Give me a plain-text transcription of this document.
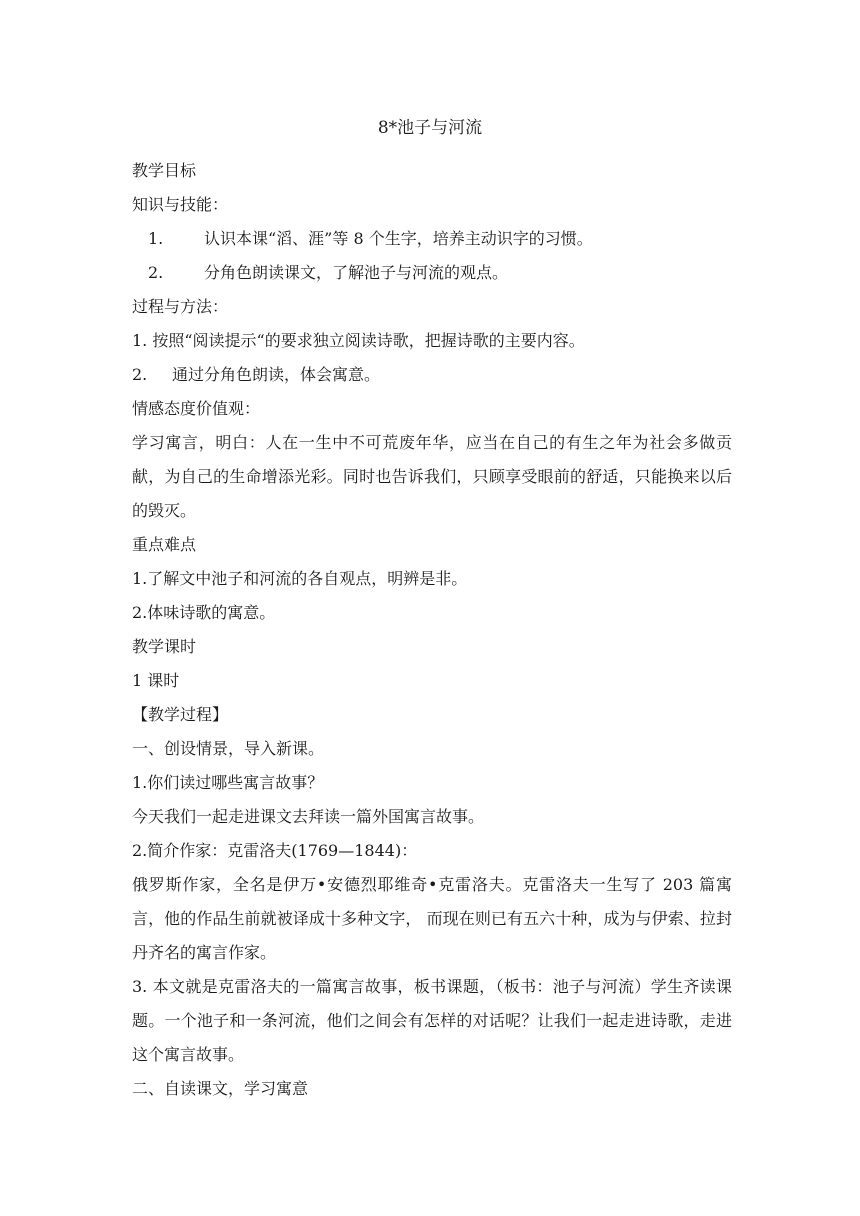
8*池子与河流

教学目标

知识与技能：

1.	认识本课“滔、涯”等 8 个生字，培养主动识字的习惯。

2.	分角色朗读课文，了解池子与河流的观点。

过程与方法：

1. 按照“阅读提示“的要求独立阅读诗歌，把握诗歌的主要内容。

2. 通过分角色朗读，体会寓意。

情感态度价值观：

学习寓言，明白：人在一生中不可荒废年华，应当在自己的有生之年为社会多做贡献，为自己的生命增添光彩。同时也告诉我们，只顾享受眼前的舒适，只能换来以后的毁灭。

重点难点

1.了解文中池子和河流的各自观点，明辨是非。

2.体味诗歌的寓意。

教学课时

1 课时

【教学过程】

一、创设情景，导入新课。

1.你们读过哪些寓言故事？

今天我们一起走进课文去拜读一篇外国寓言故事。

2.简介作家：克雷洛夫(1769—1844)：

俄罗斯作家，全名是伊万•安德烈耶维奇•克雷洛夫。克雷洛夫一生写了 203 篇寓言，他的作品生前就被译成十多种文字， 而现在则已有五六十种，成为与伊索、拉封丹齐名的寓言作家。

3. 本文就是克雷洛夫的一篇寓言故事，板书课题，（板书：池子与河流）学生齐读课题。一个池子和一条河流，他们之间会有怎样的对话呢？让我们一起走进诗歌，走进这个寓言故事。

二、自读课文，学习寓意
